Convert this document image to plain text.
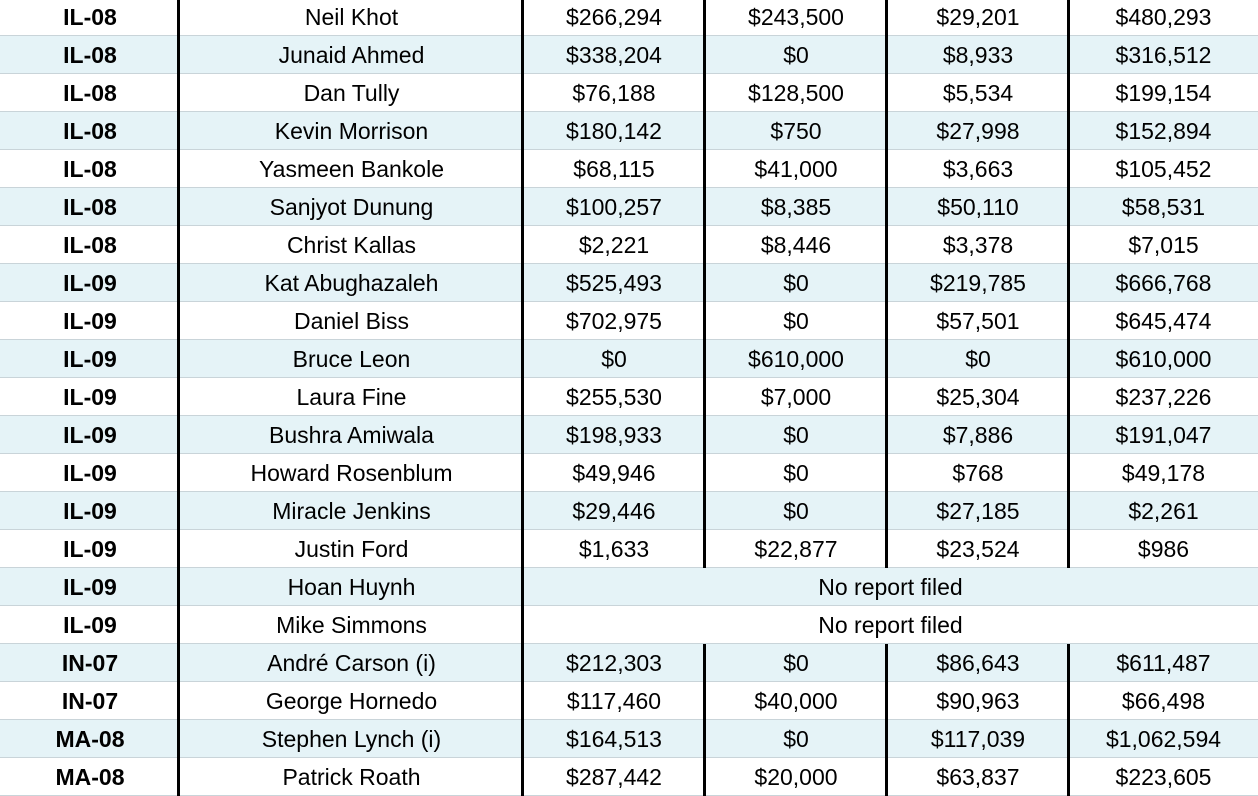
IL-08	Neil Khot	$266,294	$243,500	$29,201	$480,293
IL-08	Junaid Ahmed	$338,204	$0	$8,933	$316,512
IL-08	Dan Tully	$76,188	$128,500	$5,534	$199,154
IL-08	Kevin Morrison	$180,142	$750	$27,998	$152,894
IL-08	Yasmeen Bankole	$68,115	$41,000	$3,663	$105,452
IL-08	Sanjyot Dunung	$100,257	$8,385	$50,110	$58,531
IL-08	Christ Kallas	$2,221	$8,446	$3,378	$7,015
IL-09	Kat Abughazaleh	$525,493	$0	$219,785	$666,768
IL-09	Daniel Biss	$702,975	$0	$57,501	$645,474
IL-09	Bruce Leon	$0	$610,000	$0	$610,000
IL-09	Laura Fine	$255,530	$7,000	$25,304	$237,226
IL-09	Bushra Amiwala	$198,933	$0	$7,886	$191,047
IL-09	Howard Rosenblum	$49,946	$0	$768	$49,178
IL-09	Miracle Jenkins	$29,446	$0	$27,185	$2,261
IL-09	Justin Ford	$1,633	$22,877	$23,524	$986
IL-09	Hoan Huynh	No report filed
IL-09	Mike Simmons	No report filed
IN-07	André Carson (i)	$212,303	$0	$86,643	$611,487
IN-07	George Hornedo	$117,460	$40,000	$90,963	$66,498
MA-08	Stephen Lynch (i)	$164,513	$0	$117,039	$1,062,594
MA-08	Patrick Roath	$287,442	$20,000	$63,837	$223,605
